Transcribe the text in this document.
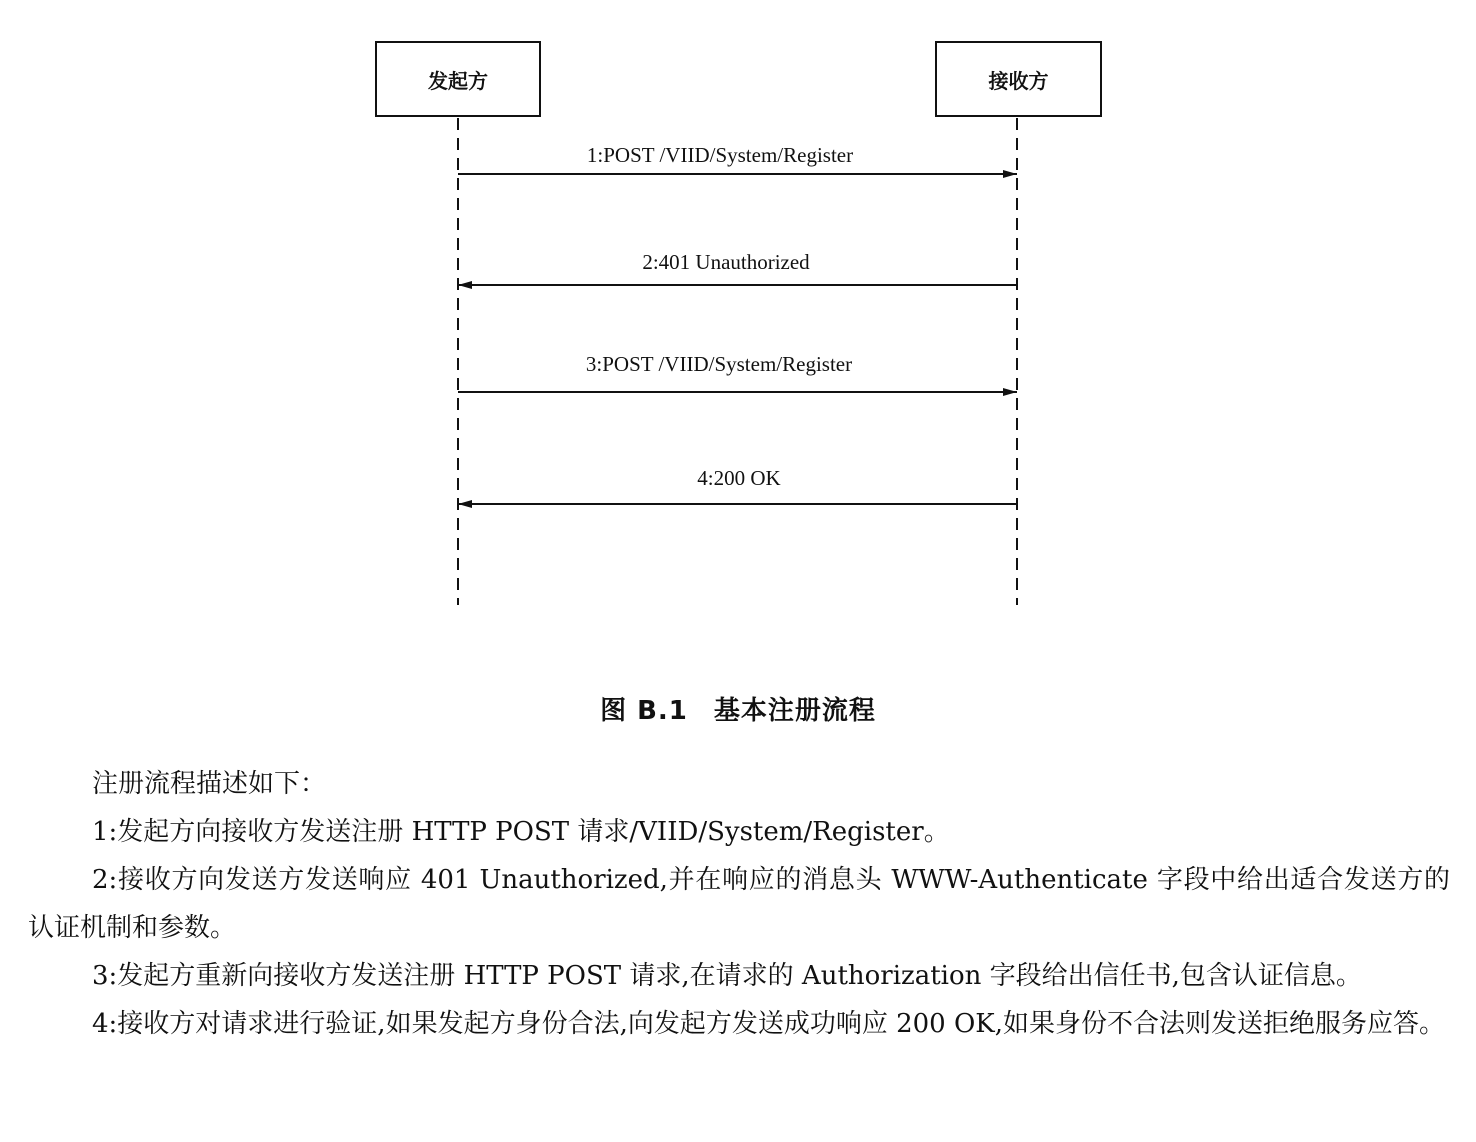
发起方	接收方
1:POST /VIID/System/Register
2:401 Unauthorized
3:POST /VIID/System/Register
4:200 OK
图 B.1 基本注册流程

注册流程描述如下：

1:发起方向接收方发送注册 HTTP POST 请求/VIID/System/Register。

2:接收方向发送方发送响应 401 Unauthorized,并在响应的消息头 WWW-Authenticate 字段中给出适合发送方的认证机制和参数。

3:发起方重新向接收方发送注册 HTTP POST 请求,在请求的 Authorization 字段给出信任书,包含认证信息。

4:接收方对请求进行验证,如果发起方身份合法,向发起方发送成功响应 200 OK,如果身份不合法则发送拒绝服务应答。
